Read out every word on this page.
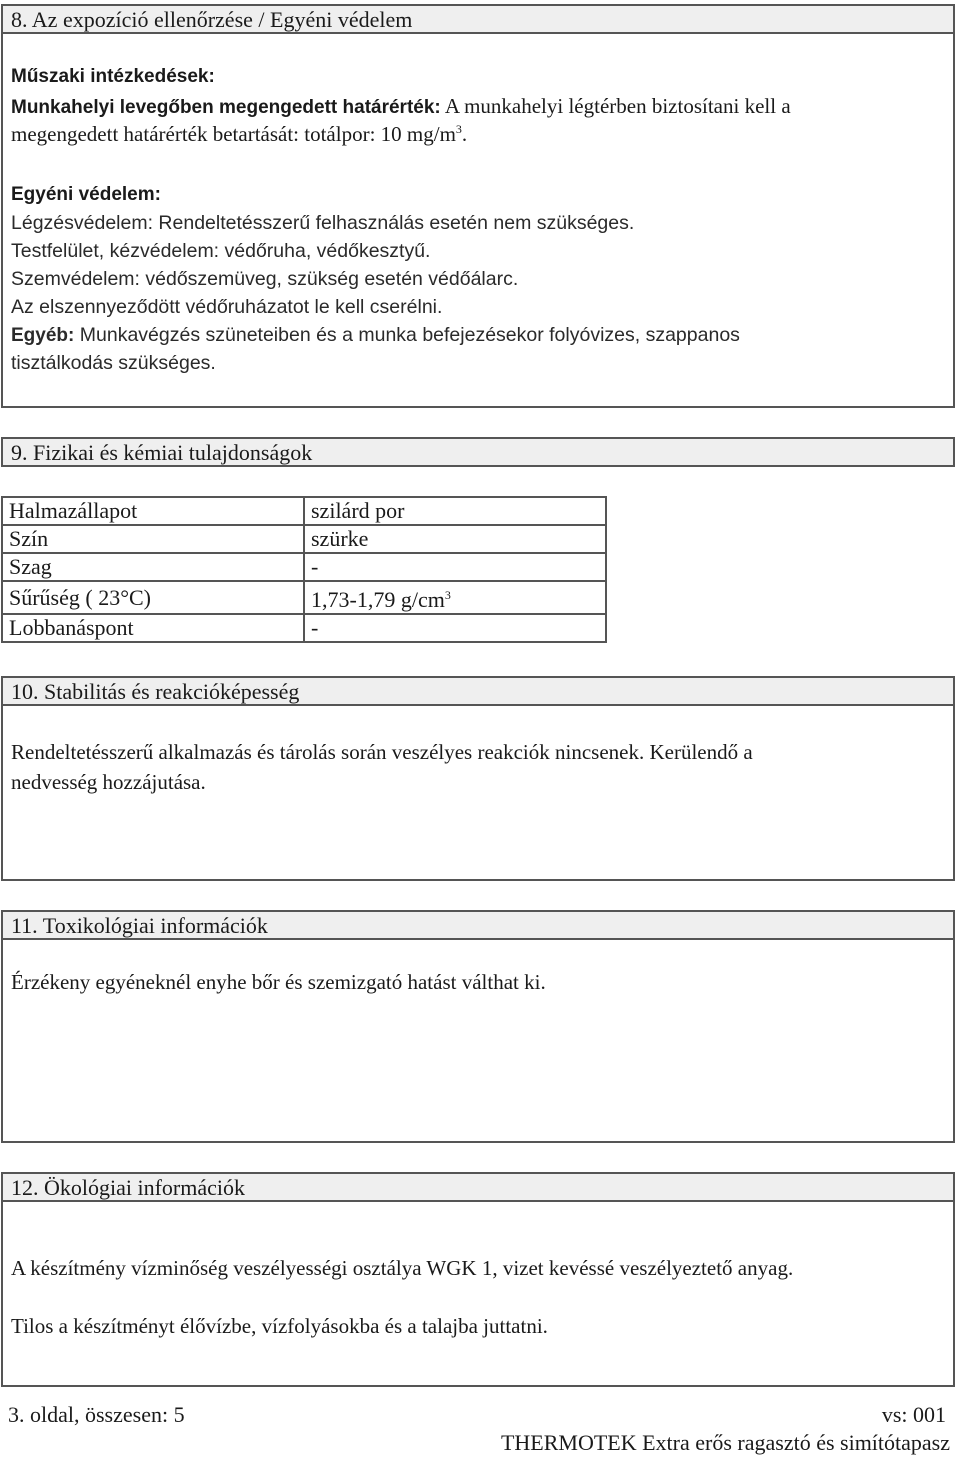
8. Az expozíció ellenőrzése / Egyéni védelem
Műszaki intézkedések:
Munkahelyi levegőben megengedett határérték: A munkahelyi légtérben biztosítani kell a
megengedett határérték betartását: totálpor: 10 $mg/m^3$.
Egyéni védelem:
Légzésvédelem: Rendeltetésszerű felhasználás esetén nem szükséges.
Testfelület, kézvédelem: védőruha, védőkesztyű.
Szemvédelem: védőszemüveg, szükség esetén védőálarc.
Az elszennyeződött védőruházatot le kell cserélni.
Egyéb: Munkavégzés szüneteiben és a munka befejezésekor folyóvizes, szappanos
tisztálkodás szükséges.
9. Fizikai és kémiai tulajdonságok
Halmazállapot	szilárd por
Szín	szürke
Szag	-
Sűrűség ( 23°C)	1,73-1,79 $g/cm^3$
Lobbanáspont	-
10. Stabilitás és reakcióképesség
Rendeltetésszerű alkalmazás és tárolás során veszélyes reakciók nincsenek. Kerülendő a
nedvesség hozzájutása.
11. Toxikológiai információk
Érzékeny egyéneknél enyhe bőr és szemizgató hatást válthat ki.
12. Ökológiai információk
A készítmény vízminőség veszélyességi osztálya WGK 1, vizet kevéssé veszélyeztető anyag.
Tilos a készítményt élővízbe, vízfolyásokba és a talajba juttatni.
3. oldal, összesen: 5	vs: 001
THERMOTEK Extra erős ragasztó és simítótapasz
